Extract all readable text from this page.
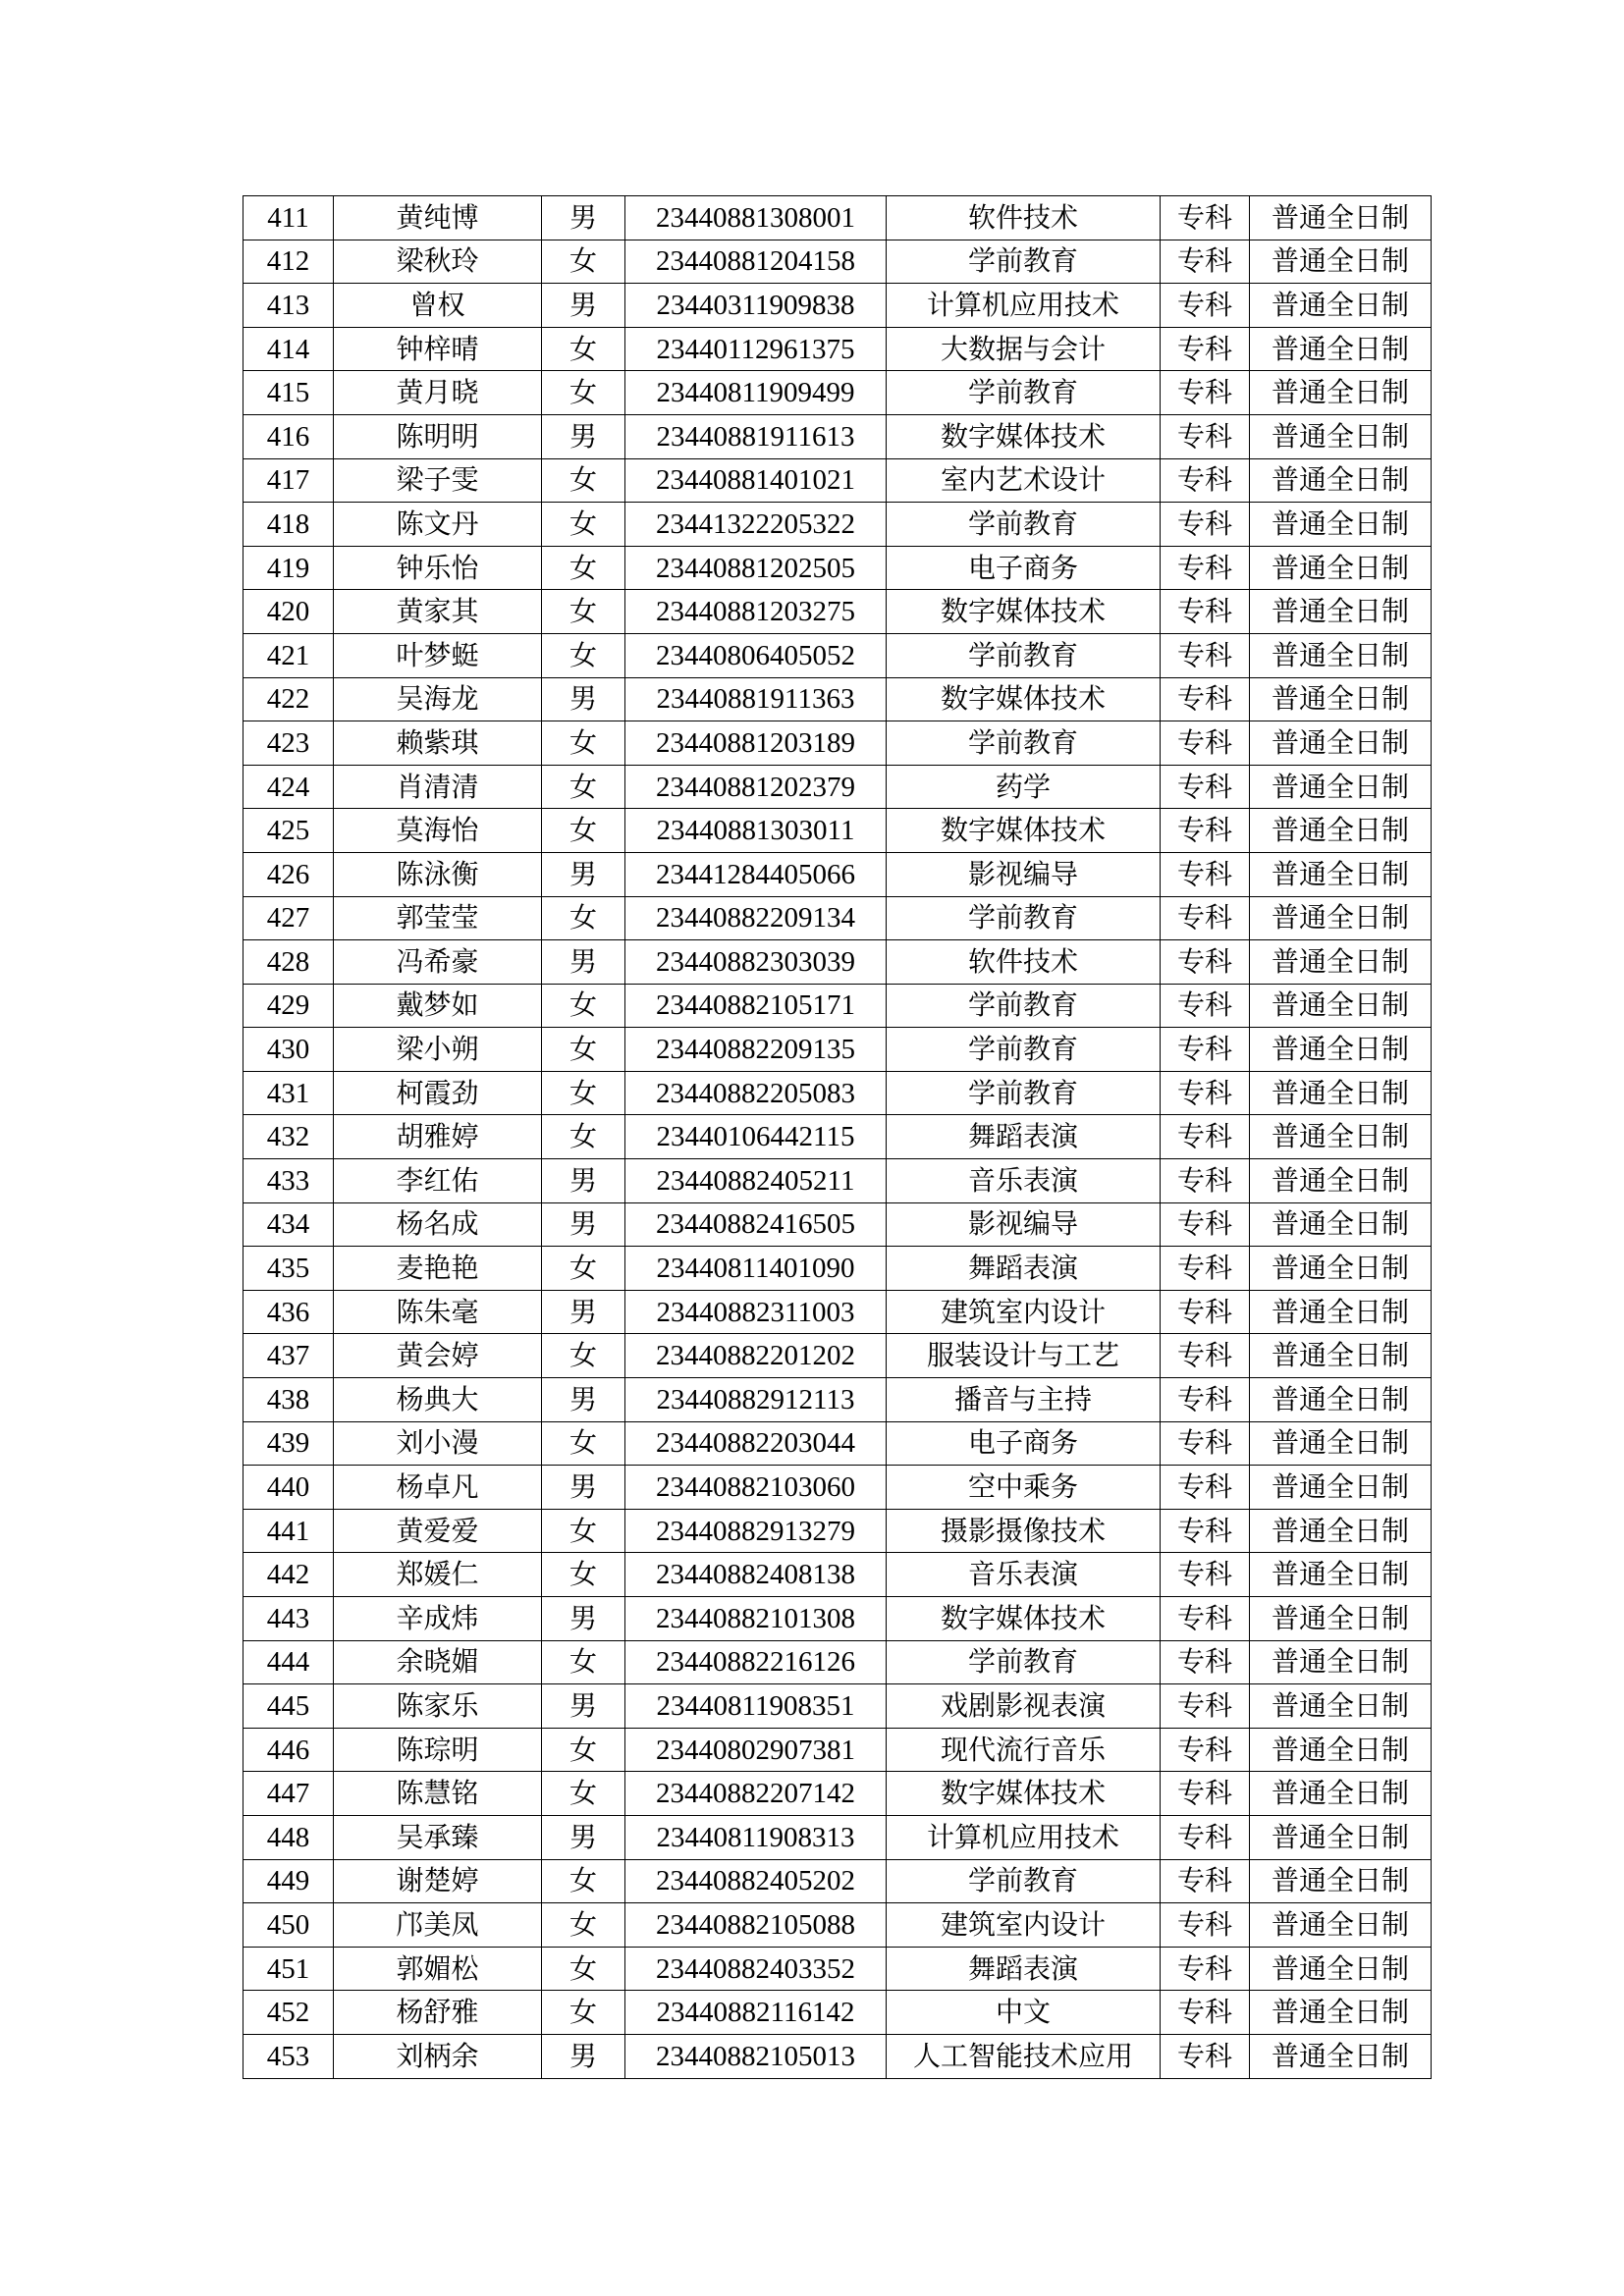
411	黄纯博	男	23440881308001	软件技术	专科	普通全日制
412	梁秋玲	女	23440881204158	学前教育	专科	普通全日制
413	曾权	男	23440311909838	计算机应用技术	专科	普通全日制
414	钟梓晴	女	23440112961375	大数据与会计	专科	普通全日制
415	黄月晓	女	23440811909499	学前教育	专科	普通全日制
416	陈明明	男	23440881911613	数字媒体技术	专科	普通全日制
417	梁子雯	女	23440881401021	室内艺术设计	专科	普通全日制
418	陈文丹	女	23441322205322	学前教育	专科	普通全日制
419	钟乐怡	女	23440881202505	电子商务	专科	普通全日制
420	黄家其	女	23440881203275	数字媒体技术	专科	普通全日制
421	叶梦蜓	女	23440806405052	学前教育	专科	普通全日制
422	吴海龙	男	23440881911363	数字媒体技术	专科	普通全日制
423	赖紫琪	女	23440881203189	学前教育	专科	普通全日制
424	肖清清	女	23440881202379	药学	专科	普通全日制
425	莫海怡	女	23440881303011	数字媒体技术	专科	普通全日制
426	陈泳衡	男	23441284405066	影视编导	专科	普通全日制
427	郭莹莹	女	23440882209134	学前教育	专科	普通全日制
428	冯希豪	男	23440882303039	软件技术	专科	普通全日制
429	戴梦如	女	23440882105171	学前教育	专科	普通全日制
430	梁小朔	女	23440882209135	学前教育	专科	普通全日制
431	柯霞劲	女	23440882205083	学前教育	专科	普通全日制
432	胡雅婷	女	23440106442115	舞蹈表演	专科	普通全日制
433	李红佑	男	23440882405211	音乐表演	专科	普通全日制
434	杨名成	男	23440882416505	影视编导	专科	普通全日制
435	麦艳艳	女	23440811401090	舞蹈表演	专科	普通全日制
436	陈朱毫	男	23440882311003	建筑室内设计	专科	普通全日制
437	黄会婷	女	23440882201202	服装设计与工艺	专科	普通全日制
438	杨典大	男	23440882912113	播音与主持	专科	普通全日制
439	刘小漫	女	23440882203044	电子商务	专科	普通全日制
440	杨卓凡	男	23440882103060	空中乘务	专科	普通全日制
441	黄爱爱	女	23440882913279	摄影摄像技术	专科	普通全日制
442	郑媛仁	女	23440882408138	音乐表演	专科	普通全日制
443	辛成炜	男	23440882101308	数字媒体技术	专科	普通全日制
444	余晓媚	女	23440882216126	学前教育	专科	普通全日制
445	陈家乐	男	23440811908351	戏剧影视表演	专科	普通全日制
446	陈琮明	女	23440802907381	现代流行音乐	专科	普通全日制
447	陈慧铭	女	23440882207142	数字媒体技术	专科	普通全日制
448	吴承臻	男	23440811908313	计算机应用技术	专科	普通全日制
449	谢楚婷	女	23440882405202	学前教育	专科	普通全日制
450	邝美凤	女	23440882105088	建筑室内设计	专科	普通全日制
451	郭媚松	女	23440882403352	舞蹈表演	专科	普通全日制
452	杨舒雅	女	23440882116142	中文	专科	普通全日制
453	刘柄余	男	23440882105013	人工智能技术应用	专科	普通全日制
